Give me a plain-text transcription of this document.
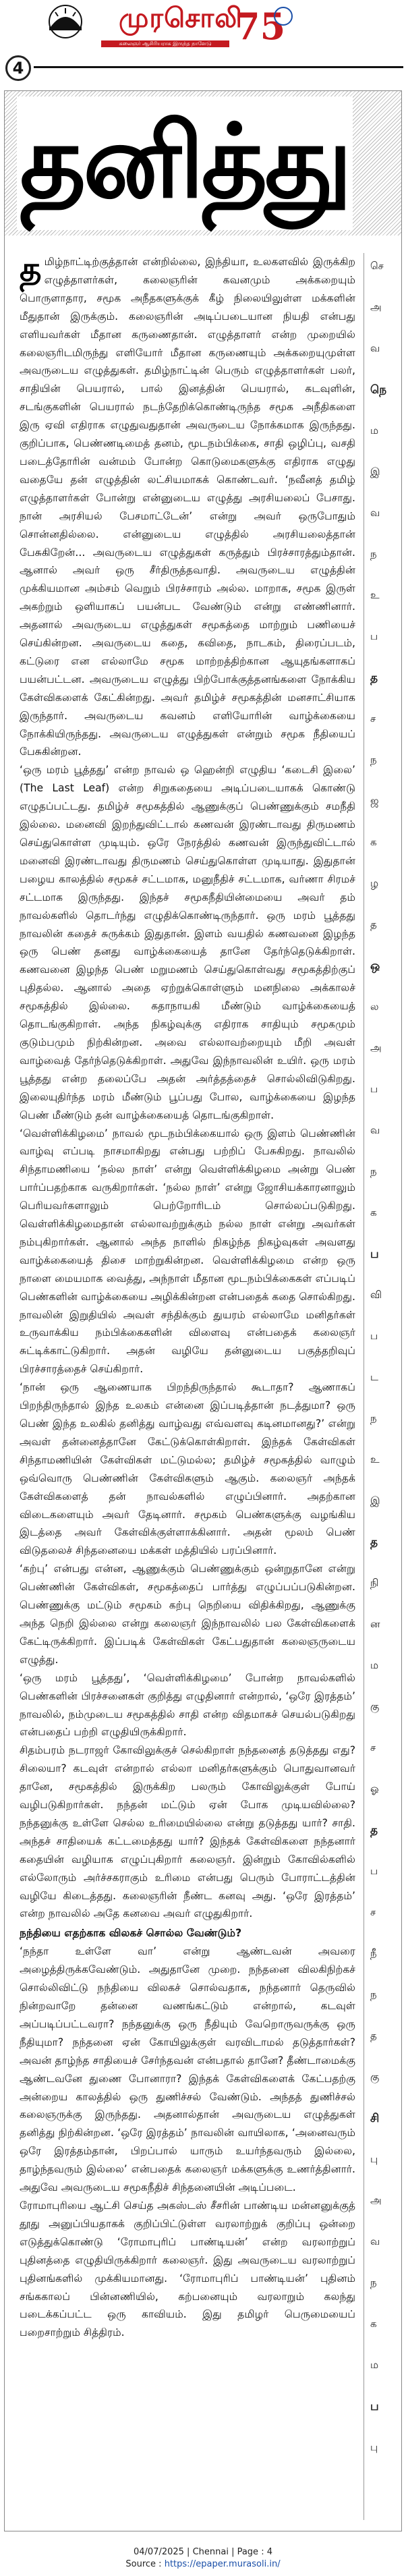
முரசொலி
கலைஞர் ஆசிரியராக இருந்த நாளேடு 75
4
தனித்து

தமிழ்நாட்டிற்குத்தான் என்றில்லை, இந்தியா, உலகளவில் இருக்கிற எழுத்தாளர்கள், கலைஞரின் கவனமும் அக்கறையும் பொருளாதார, சமூக அநீதகளுக்குக் கீழ் நிலையிலுள்ள மக்களின் மீதுதான் இருக்கும். கலைஞரின் அடிப்படையான நியதி என்பது எளியவர்கள் மீதான கருணைதான். எழுத்தாளர் என்ற முறையில் கலைஞரிடமிருந்து எளியோர் மீதான கருணையும் அக்கறையுமுள்ள அவருடைய எழுத்துகள். தமிழ்நாட்டின் பெரும் எழுத்தாளர்கள் பலர், சாதியின் பெயரால், பால் இனத்தின் பெயரால், கடவுளின், சடங்குகளின் பெயரால் நடந்தேறிக்கொண்டிருந்த சமூக அநீதிகளை இரு ஏவி எதிராக எழுதுவதுதான் அவருடைய நோக்கமாக இருந்தது. குறிப்பாக, பெண்ணடிமைத் தனம், மூடநம்பிக்கை, சாதி ஒழிப்பு, வசதி படைத்தோரின் வன்மம் போன்ற கொடுமைகளுக்கு எதிராக எழுது வதையே தன் எழுத்தின் லட்சியமாகக் கொண்டவர். ‘நவீனத் தமிழ் எழுத்தாளர்கள் போன்று என்னுடைய எழுத்து அரசியலைப் பேசாது. நான் அரசியல் பேசமாட்டேன்’ என்று அவர் ஒருபோதும் சொன்னதில்லை. என்னுடைய எழுத்தில் அரசியலைத்தான் பேசுகிறேன்... அவருடைய எழுத்துகள் கருத்தும் பிரச்சாரத்தும்தான். ஆனால் அவர் ஒரு சீர்திருத்தவாதி. அவருடைய எழுத்தின் முக்கியமான அம்சம் வெறும் பிரச்சாரம் அல்ல. மாறாக, சமூக இருள் அகற்றும் ஒளியாகப் பயன்பட வேண்டும் என்று எண்ணினார். அதனால் அவருடைய எழுத்துகள் சமூகத்தை மாற்றும் பணியைச் செய்கின்றன. அவருடைய கதை, கவிதை, நாடகம், திரைப்படம், கட்டுரை என எல்லாமே சமூக மாற்றத்திற்கான ஆயுதங்களாகப் பயன்பட்டன. அவருடைய எழுத்து பிற்போக்குத்தனங்களை நோக்கிய கேள்விகளைக் கேட்கின்றது. அவர் தமிழ்ச் சமூகத்தின் மனசாட்சியாக இருந்தார். அவருடைய கவனம் எளியோரின் வாழ்க்கையை நோக்கியிருந்தது. அவருடைய எழுத்துகள் என்றும் சமூக நீதியைப் பேசுகின்றன.

‘ஒரு மரம் பூத்தது’ என்ற நாவல் ஒ ஹென்றி எழுதிய ‘கடைசி இலை’ (The Last Leaf) என்ற சிறுகதையை அடிப்படையாகக் கொண்டு எழுதப்பட்டது. தமிழ்ச் சமூகத்தில் ஆணுக்குப் பெண்ணுக்கும் சமநீதி இல்லை. மனைவி இறந்துவிட்டால் கணவன் இரண்டாவது திருமணம் செய்துகொள்ள முடியும். ஒரே நேரத்தில் கணவன் இருந்துவிட்டால் மனைவி இரண்டாவது திருமணம் செய்துகொள்ள முடியாது. இதுதான் பழைய காலத்தில் சமூகச் சட்டமாக, மனுநீதிச் சட்டமாக, வர்ணா சிரமச் சட்டமாக இருந்தது. இந்தச் சமூகநீதியின்மையை அவர் தம் நாவல்களில் தொடர்ந்து எழுதிக்கொண்டிருந்தார். ஒரு மரம் பூத்தது நாவலின் கதைச் சுருக்கம் இதுதான். இளம் வயதில் கணவனை இழந்த ஒரு பெண் தனது வாழ்க்கையைத் தானே தேர்ந்தெடுக்கிறாள். கணவனை இழந்த பெண் மறுமணம் செய்துகொள்வது சமூகத்திற்குப் புதிதல்ல. ஆனால் அதை ஏற்றுக்கொள்ளும் மனநிலை அக்காலச் சமூகத்தில் இல்லை. கதாநாயகி மீண்டும் வாழ்க்கையைத் தொடங்குகிறாள். அந்த நிகழ்வுக்கு எதிராக சாதியும் சமூகமும் குடும்பமும் நிற்கின்றன. அவை எல்லாவற்றையும் மீறி அவள் வாழ்வைத் தேர்ந்தெடுக்கிறாள். அதுவே இந்நாவலின் உயிர். ஒரு மரம் பூத்தது என்ற தலைப்பே அதன் அர்த்தத்தைச் சொல்லிவிடுகிறது. இலையுதிர்ந்த மரம் மீண்டும் பூப்பது போல, வாழ்க்கையை இழந்த பெண் மீண்டும் தன் வாழ்க்கையைத் தொடங்குகிறாள்.

‘வெள்ளிக்கிழமை’ நாவல் மூடநம்பிக்கையால் ஒரு இளம் பெண்ணின் வாழ்வு எப்படி நாசமாகிறது என்பது பற்றிப் பேசுகிறது. நாவலில் சிந்தாமணியை ‘நல்ல நாள்’ என்று வெள்ளிக்கிழமை அன்று பெண் பார்ப்பதற்காக வருகிறார்கள். ‘நல்ல நாள்’ என்று ஜோசியக்காரனாலும் பெரியவர்களாலும் பெற்றோரிடம் சொல்லப்படுகிறது. வெள்ளிக்கிழமைதான் எல்லாவற்றுக்கும் நல்ல நாள் என்று அவர்கள் நம்புகிறார்கள். ஆனால் அந்த நாளில் நிகழ்ந்த நிகழ்வுகள் அவளது வாழ்க்கையைத் திசை மாற்றுகின்றன. வெள்ளிக்கிழமை என்ற ஒரு நாளை மையமாக வைத்து, அந்நாள் மீதான மூடநம்பிக்கைகள் எப்படிப் பெண்களின் வாழ்க்கையை அழிக்கின்றன என்பதைக் கதை சொல்கிறது. நாவலின் இறுதியில் அவள் சந்திக்கும் துயரம் எல்லாமே மனிதர்கள் உருவாக்கிய நம்பிக்கைகளின் விளைவு என்பதைக் கலைஞர் சுட்டிக்காட்டுகிறார். அதன் வழியே தன்னுடைய பகுத்தறிவுப் பிரச்சாரத்தைச் செய்கிறார்.

‘நான் ஒரு ஆணையாக பிறந்திருந்தால் கூடாதா? ஆணாகப் பிறந்திருந்தால் இந்த உலகம் என்னை இப்படித்தான் நடத்துமா? ஒரு பெண் இந்த உலகில் தனித்து வாழ்வது எவ்வளவு கடினமானது?’ என்று அவள் தன்னைத்தானே கேட்டுக்கொள்கிறாள். இந்தக் கேள்விகள் சிந்தாமணியின் கேள்விகள் மட்டுமல்ல; தமிழ்ச் சமூகத்தில் வாழும் ஒவ்வொரு பெண்ணின் கேள்விகளும் ஆகும். கலைஞர் அந்தக் கேள்விகளைத் தன் நாவல்களில் எழுப்பினார். அதற்கான விடைகளையும் அவர் தேடினார். சமூகம் பெண்களுக்கு வழங்கிய இடத்தை அவர் கேள்விக்குள்ளாக்கினார். அதன் மூலம் பெண் விடுதலைச் சிந்தனையை மக்கள் மத்தியில் பரப்பினார்.

‘கற்பு’ என்பது என்ன, ஆணுக்கும் பெண்ணுக்கும் ஒன்றுதானே என்று பெண்ணின் கேள்விகள், சமூகத்தைப் பார்த்து எழுப்பப்படுகின்றன. பெண்ணுக்கு மட்டும் சமூகம் கற்பு நெறியை விதிக்கிறது, ஆணுக்கு அந்த நெறி இல்லை என்று கலைஞர் இந்நாவலில் பல கேள்விகளைக் கேட்டிருக்கிறார். இப்படிக் கேள்விகள் கேட்பதுதான் கலைஞருடைய எழுத்து.

‘ஒரு மரம் பூத்தது’, ‘வெள்ளிக்கிழமை’ போன்ற நாவல்களில் பெண்களின் பிரச்சனைகள் குறித்து எழுதினார் என்றால், ‘ஒரே இரத்தம்’ நாவலில், நம்முடைய சமூகத்தில் சாதி என்ற விதமாகச் செயல்படுகிறது என்பதைப் பற்றி எழுதியிருக்கிறார்.

சிதம்பரம் நடராஜர் கோவிலுக்குச் செல்கிறாள் நந்தனைத் தடுத்தது எது? சிலையா? கடவுள் என்றால் எல்லா மனிதர்களுக்கும் பொதுவானவர் தானே, சமூகத்தில் இருக்கிற பலரும் கோவிலுக்குள் போய் வழிபடுகிறார்கள். நந்தன் மட்டும் ஏன் போக முடியவில்லை? நந்தனுக்கு உள்ளே செல்ல உரிமையில்லை என்று தடுத்தது யார்? சாதி. அந்தச் சாதியைக் கட்டமைத்தது யார்? இந்தக் கேள்விகளை நந்தனார் கதையின் வழியாக எழுப்புகிறார் கலைஞர். இன்றும் கோவில்களில் எல்லோரும் அர்ச்சகராகும் உரிமை என்பது பெரும் போராட்டத்தின் வழியே கிடைத்தது. கலைஞரின் நீண்ட கனவு அது. ‘ஒரே இரத்தம்’ என்ற நாவலில் அதே கனவை அவர் எழுதுகிறார்.

நந்தியை எதற்காக விலகச் சொல்ல வேண்டும்?

‘நந்தா உள்ளே வா’ என்று ஆண்டவன் அவரை அழைத்திருக்கவேண்டும். அதுதானே முறை. நந்தனை விலகிநிற்கச் சொல்லிவிட்டு நந்தியை விலகச் சொல்வதாக, நந்தனார் தெருவில் நின்றவாறே தன்னை வணங்கட்டும் என்றால், கடவுள் அப்படிப்பட்டவரா? நந்தனுக்கு ஒரு நீதியும் வேறொருவருக்கு ஒரு நீதியுமா? நந்தனை ஏன் கோயிலுக்குள் வரவிடாமல் தடுத்தார்கள்? அவன் தாழ்ந்த சாதியைச் சேர்ந்தவன் என்பதால் தானே? தீண்டாமைக்கு ஆண்டவனே துணை போனாரா? இந்தக் கேள்விகளைக் கேட்பதற்கு அன்றைய காலத்தில் ஒரு துணிச்சல் வேண்டும். அந்தத் துணிச்சல் கலைஞருக்கு இருந்தது. அதனால்தான் அவருடைய எழுத்துகள் தனித்து நிற்கின்றன. ‘ஒரே இரத்தம்’ நாவலின் வாயிலாக, ‘அனைவரும் ஒரே இரத்தம்தான், பிறப்பால் யாரும் உயர்ந்தவரும் இல்லை, தாழ்ந்தவரும் இல்லை’ என்பதைக் கலைஞர் மக்களுக்கு உணர்த்தினார். அதுவே அவருடைய சமூகநீதிச் சிந்தனையின் அடிப்படை.

ரோமாபுரியை ஆட்சி செய்த அகஸ்டஸ் சீசரின் பாண்டிய மன்னனுக்குத் தூது அனுப்பியதாகக் குறிப்பிட்டுள்ள வரலாற்றுக் குறிப்பு ஒன்றை எடுத்துக்கொண்டு ‘ரோமாபுரிப் பாண்டியன்’ என்ற வரலாற்றுப் புதினத்தை எழுதியிருக்கிறார் கலைஞர். இது அவருடைய வரலாற்றுப் புதினங்களில் முக்கியமானது. ‘ரோமாபுரிப் பாண்டியன்’ புதினம் சங்ககாலப் பின்னணியில், கற்பனையும் வரலாறும் கலந்து படைக்கப்பட்ட ஒரு காவியம். இது தமிழர் பெருமையைப் பறைசாற்றும் சித்திரம்.

செ
அ
வ
நெ
ம
இ
வ
ந
உ
ப
த
ச
ந
ஜ
க
ழ
த
ஒ
ல
அ
ப
வ
ந
க
ப
வி
ப
ட
ந
உ
இ
த
நி
ன
ம
கு
ச
ஓ
த
ப
ச
நீ
ந
த
கு
சி
பு
அ
வ
ந
க
ம
ப
பு
04/07/2025 | Chennai | Page : 4
Source : https://epaper.murasoli.in/
